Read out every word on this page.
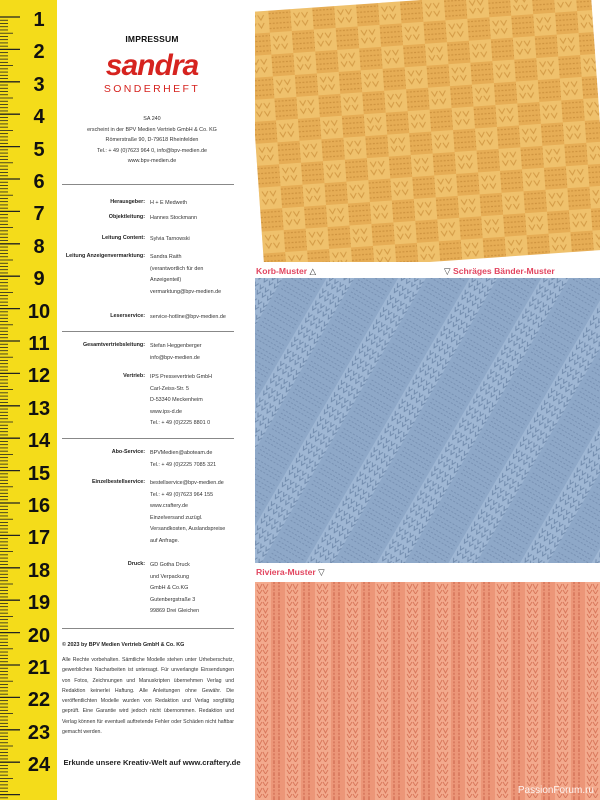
1
2
3
4
5
6
7
8
9
10
11
12
13
14
15
16
17
18
19
20
21
22
23
24
IMPRESSUM
sandra
SONDERHEFT
SA 240
erscheint in der BPV Medien Vertrieb GmbH & Co. KG
Römerstraße 90, D-79618 Rheinfelden
Tel.: + 49 (0)7623 964 0, info@bpv-medien.de
www.bpv-medien.de
Herausgeber: H + E Medweth
Objektleitung: Hannes Stockmann
Leitung Content: Sylvia Tarnowski
Leitung Anzeigenvermarktung: Sandra Raith
(verantwortlich für den
Anzeigenteil)
vermarktung@bpv-medien.de
Leserservice: service-hotline@bpv-medien.de
Gesamtvertriebsleitung: Stefan Heggenberger
info@bpv-medien.de
Vertrieb: IPS Pressevertrieb GmbH
Carl-Zeiss-Str. 5
D-53340 Meckenheim
www.ips-d.de
Tel.: + 49 (0)2225 8801 0
Abo-Service: BPVMedien@aboteam.de
Tel.: + 49 (0)2225 7085 321
Einzelbestellservice: bestellservice@bpv-medien.de
Tel.: + 49 (0)7623 964 155
www.craftery.de
Einzelversand zuzügl.
Versandkosten, Auslandspreise
auf Anfrage.
Druck: GD Gotha Druck
und Verpackung
GmbH & Co.KG
Gutenbergstraße 3
99869 Drei Gleichen
© 2023 by BPV Medien Vertrieb GmbH & Co. KG
Alle Rechte vorbehalten. Sämtliche Modelle stehen unter Urheberschutz, gewerbliches Nacharbeiten ist untersagt. Für unverlangte Einsendungen von Fotos, Zeichnungen und Manuskripten übernehmen Verlag und Redaktion keinerlei Haftung. Alle Anleitungen ohne Gewähr. Die veröffentlichten Modelle wurden von Redaktion und Verlag sorgfältig geprüft. Eine Garantie wird jedoch nicht übernommen. Redaktion und Verlag können für eventuell auftretende Fehler oder Schäden nicht haftbar gemacht werden.
Erkunde unsere Kreativ-Welt auf www.craftery.de
Korb-Muster △	▽ Schräges Bänder-Muster
Riviera-Muster ▽
PassionForum.ru
